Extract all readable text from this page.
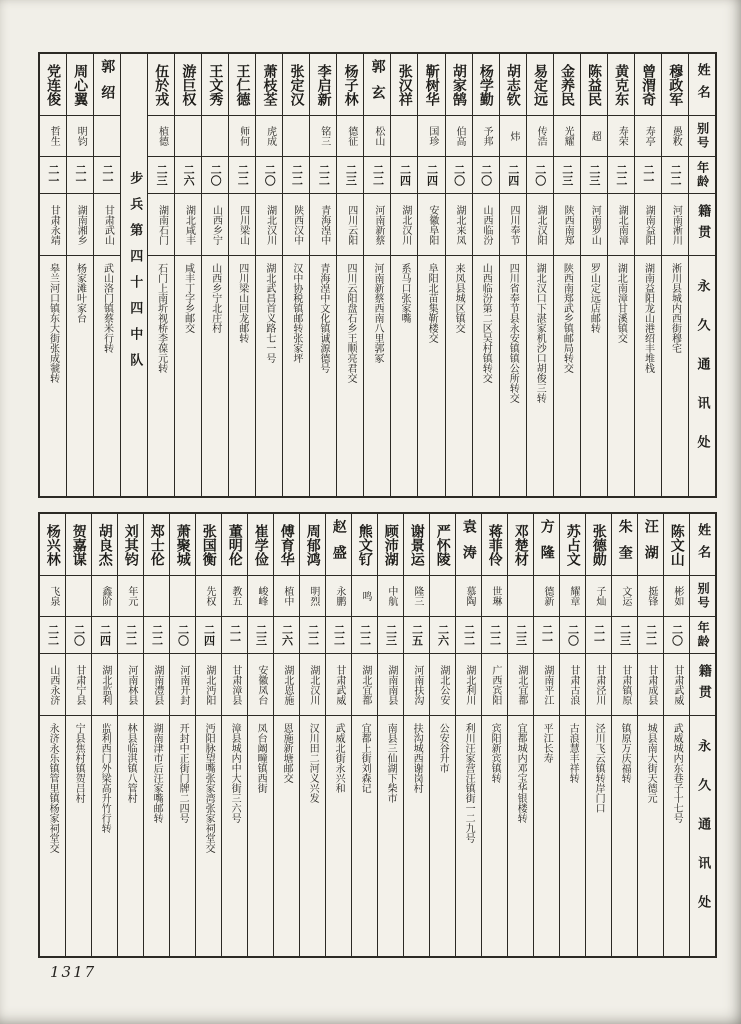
姓名
别号
年龄
籍贯
永久通讯处
穆政军
愚敉
二二
河南淅川
淅川县城内西街穆宅
曾渭奇
寿亭
二一
湖南益阳
湖南益阳龙山港绍丰堆栈
黄克东
寿荣
二二
湖北南漳
湖北南漳甘溪镇交
陈益民
超
二三
河南罗山
罗山定远店邮转
金养民
光耀
二三
陕西南郑
陕西南郑武乡镇邮局转交
易定远
传浩
二〇
湖北汉阳
湖北汉口下湛家机沙口胡俊三转
胡志钦
炜
二四
四川奉节
四川省奉节县永安镇镇公所转交
杨学勤
予邦
二〇
山西临汾
山西临汾第二区吴村镇转交
胡家鹄
伯高
二〇
湖北来凤
来凤县城区镇交
靳树华
国珍
二四
安徽阜阳
阜阳北苗集靳楼交
张汉祥
二四
湖北汉川
系马口张家嘴
郭玄
松山
二二
河南新蔡
河南新蔡西南八里郭冢
杨子林
德征
二三
四川云阳
四川云阳盘石乡王顺亮君交
李启新
铭三
二二
青海湟中
青海湟中文化镇诚源德号
张定汉
二二
陕西汉中
汉中协税镇邮转张家坪
萧枝荃
虎成
二〇
湖北汉川
湖北武昌首义路七一号
王仁德
师何
二二
四川梁山
四川梁山回龙邮转
王文秀
二〇
山西乡宁
山西乡宁北庄村
游巨权
二六
湖北咸丰
咸丰丁字乡邮交
伍於戎
植德
二三
湖南石门
石门上南圻视桥李葆元转
步兵第四十四中队
郭绍
二一
甘肃武山
武山洛门镇蔡米行转
周心翼
明钧
二一
湖南湘乡
杨家滩叶家台
党连俊
哲生
二一
甘肃永靖
皋兰河口镇东大街张成虢转
姓名
别号
年龄
籍贯
永久通讯处
陈文山
彬如
二〇
甘肃武威
武威城内东巷子十七号
汪湖
挺锋
二二
甘肃成县
城县南大街天德元
朱奎
文运
二三
甘肃镇原
镇原万庆福转
张德勋
子灿
二一
甘肃泾川
泾川飞云镇转岸门口
苏占文
耀章
二〇
甘肃古浪
古浪慧丰祥转
方隆
德新
二一
湖南平江
平江长寿
邓楚材
二三
湖北宜都
宜都城内邓宝华银楼转
蒋菲伶
世琳
二二
广西宾阳
宾阳新宾镇转
袁涛
慕陶
二二
湖北利川
利川汪家营汪镇街一二九号
严怀陵
二六
湖北公安
公安谷升市
谢景运
隆三
二五
河南扶沟
扶沟城西谢岗村
顾沛湖
中航
二三
湖南南县
南县三仙湖下柴市
熊文钌
鸣
二二
湖北宜都
宜都上街刘森记
赵盛
永鹏
二二
甘肃武威
武威北街永兴和
周郁鸿
明烈
二二
湖北汉川
汉川田二河义兴发
傅育华
植中
二六
湖北恩施
恩施新塘邮交
崔学俭
峻峰
二三
安徽凤台
凤台阚疃镇西街
董明伦
教五
二一
甘肃漳县
漳县城内中大街三六号
张国衡
先权
二四
湖北沔阳
沔阳脉望嘴张家湾张家祠堂交
萧聚城
二〇
河南开封
开封中正街门牌二四号
郑士伦
二二
湖南澧县
湖南津市后汪家嘴邮转
刘其钧
年元
二二
河南林县
林县临淇镇八管村
胡良杰
鑫阶
二四
湖北监利
监利西门外梁高升竹行转
贺嘉谋
二〇
甘肃宁县
宁县焦村镇贺吕村
杨兴林
飞泉
二二
山西永济
永济永乐镇管里镇杨家祠堂交
1317
